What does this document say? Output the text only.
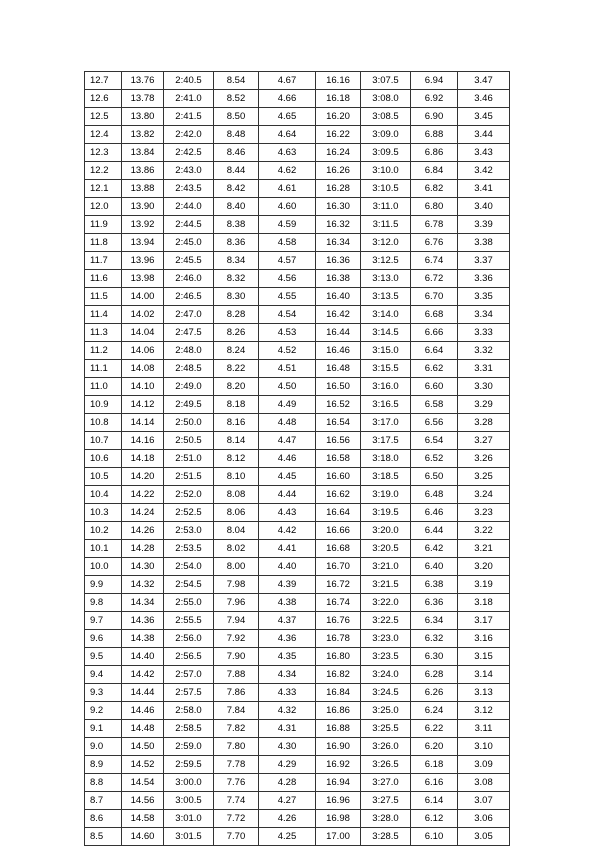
12.7	13.76	2:40.5	8.54	4.67	16.16	3:07.5	6.94	3.47
12.6	13.78	2:41.0	8.52	4.66	16.18	3:08.0	6.92	3.46
12.5	13.80	2:41.5	8.50	4.65	16.20	3:08.5	6.90	3.45
12.4	13.82	2:42.0	8.48	4.64	16.22	3:09.0	6.88	3.44
12.3	13.84	2:42.5	8.46	4.63	16.24	3:09.5	6.86	3.43
12.2	13.86	2:43.0	8.44	4.62	16.26	3:10.0	6.84	3.42
12.1	13.88	2:43.5	8.42	4.61	16.28	3:10.5	6.82	3.41
12.0	13.90	2:44.0	8.40	4.60	16.30	3:11.0	6.80	3.40
11.9	13.92	2:44.5	8.38	4.59	16.32	3:11.5	6.78	3.39
11.8	13.94	2:45.0	8.36	4.58	16.34	3:12.0	6.76	3.38
11.7	13.96	2:45.5	8.34	4.57	16.36	3:12.5	6.74	3.37
11.6	13.98	2:46.0	8.32	4.56	16.38	3:13.0	6.72	3.36
11.5	14.00	2:46.5	8.30	4.55	16.40	3:13.5	6.70	3.35
11.4	14.02	2:47.0	8.28	4.54	16.42	3:14.0	6.68	3.34
11.3	14.04	2:47.5	8.26	4.53	16.44	3:14.5	6.66	3.33
11.2	14.06	2:48.0	8.24	4.52	16.46	3:15.0	6.64	3.32
11.1	14.08	2:48.5	8.22	4.51	16.48	3:15.5	6.62	3.31
11.0	14.10	2:49.0	8.20	4.50	16.50	3:16.0	6.60	3.30
10.9	14.12	2:49.5	8.18	4.49	16.52	3:16.5	6.58	3.29
10.8	14.14	2:50.0	8.16	4.48	16.54	3:17.0	6.56	3.28
10.7	14.16	2:50.5	8.14	4.47	16.56	3:17.5	6.54	3.27
10.6	14.18	2:51.0	8.12	4.46	16.58	3:18.0	6.52	3.26
10.5	14.20	2:51.5	8.10	4.45	16.60	3:18.5	6.50	3.25
10.4	14.22	2:52.0	8.08	4.44	16.62	3:19.0	6.48	3.24
10.3	14.24	2:52.5	8.06	4.43	16.64	3:19.5	6.46	3.23
10.2	14.26	2:53.0	8.04	4.42	16.66	3:20.0	6.44	3.22
10.1	14.28	2:53.5	8.02	4.41	16.68	3:20.5	6.42	3.21
10.0	14.30	2:54.0	8.00	4.40	16.70	3:21.0	6.40	3.20
9.9	14.32	2:54.5	7.98	4.39	16.72	3:21.5	6.38	3.19
9.8	14.34	2:55.0	7.96	4.38	16.74	3:22.0	6.36	3.18
9.7	14.36	2:55.5	7.94	4.37	16.76	3:22.5	6.34	3.17
9.6	14.38	2:56.0	7.92	4.36	16.78	3:23.0	6.32	3.16
9.5	14.40	2:56.5	7.90	4.35	16.80	3:23.5	6.30	3.15
9.4	14.42	2:57.0	7.88	4.34	16.82	3:24.0	6.28	3.14
9.3	14.44	2:57.5	7.86	4.33	16.84	3:24.5	6.26	3.13
9.2	14.46	2:58.0	7.84	4.32	16.86	3:25.0	6.24	3.12
9.1	14.48	2:58.5	7.82	4.31	16.88	3:25.5	6.22	3.11
9.0	14.50	2:59.0	7.80	4.30	16.90	3:26.0	6.20	3.10
8.9	14.52	2:59.5	7.78	4.29	16.92	3:26.5	6.18	3.09
8.8	14.54	3:00.0	7.76	4.28	16.94	3:27.0	6.16	3.08
8.7	14.56	3:00.5	7.74	4.27	16.96	3:27.5	6.14	3.07
8.6	14.58	3:01.0	7.72	4.26	16.98	3:28.0	6.12	3.06
8.5	14.60	3:01.5	7.70	4.25	17.00	3:28.5	6.10	3.05
